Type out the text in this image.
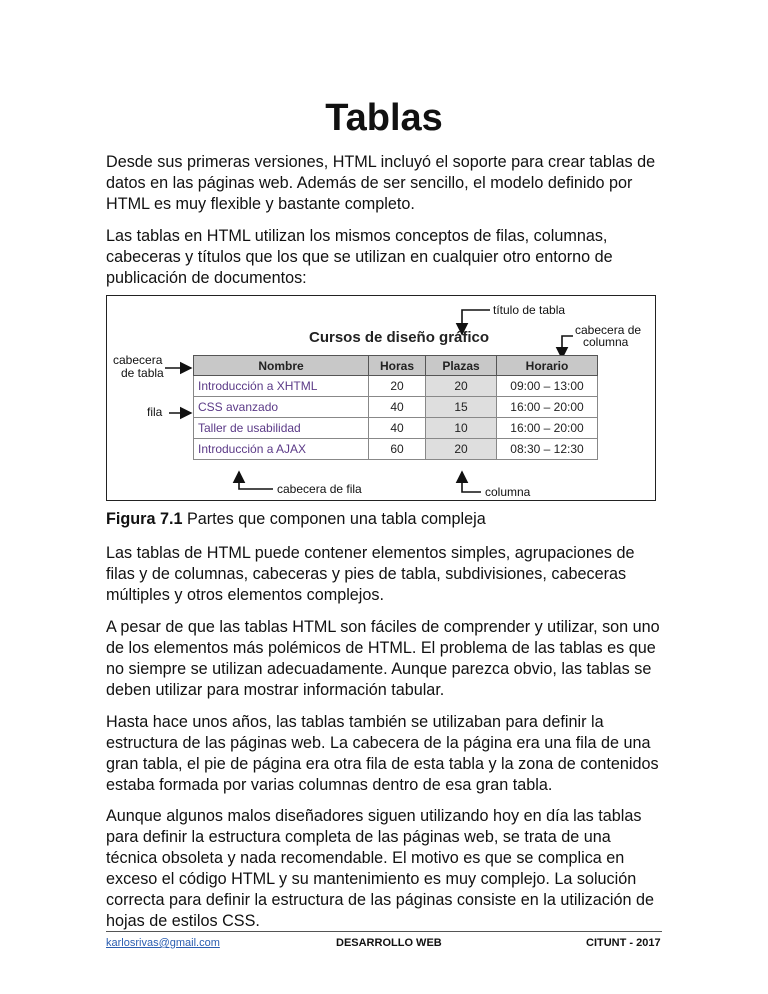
Tablas

Desde sus primeras versiones, HTML incluyó el soporte para crear tablas de datos en las páginas web. Además de ser sencillo, el modelo definido por HTML es muy flexible y bastante completo.

Las tablas en HTML utilizan los mismos conceptos de filas, columnas, cabeceras y títulos que los que se utilizan en cualquier otro entorno de publicación de documentos:

Figura 7.1 Partes que componen una tabla compleja

Las tablas de HTML puede contener elementos simples, agrupaciones de filas y de columnas, cabeceras y pies de tabla, subdivisiones, cabeceras múltiples y otros elementos complejos.

A pesar de que las tablas HTML son fáciles de comprender y utilizar, son uno de los elementos más polémicos de HTML. El problema de las tablas es que no siempre se utilizan adecuadamente. Aunque parezca obvio, las tablas se deben utilizar para mostrar información tabular.

Hasta hace unos años, las tablas también se utilizaban para definir la estructura de las páginas web. La cabecera de la página era una fila de una gran tabla, el pie de página era otra fila de esta tabla y la zona de contenidos estaba formada por varias columnas dentro de esa gran tabla.

Aunque algunos malos diseñadores siguen utilizando hoy en día las tablas para definir la estructura completa de las páginas web, se trata de una técnica obsoleta y nada recomendable. El motivo es que se complica en exceso el código HTML y su mantenimiento es muy complejo. La solución correcta para definir la estructura de las páginas consiste en la utilización de hojas de estilos CSS.

Cursos de diseño gráfico
título de tabla
cabecera de
columna
cabecera
de tabla
fila
cabecera de fila	columna
Nombre	Horas	Plazas	Horario
Introducción a XHTML	20	20	09:00 – 13:00
CSS avanzado	40	15	16:00 – 20:00
Taller de usabilidad	40	10	16:00 – 20:00
Introducción a AJAX	60	20	08:30 – 12:30
karlosrivas@gmail.com	DESARROLLO WEB	CITUNT - 2017
